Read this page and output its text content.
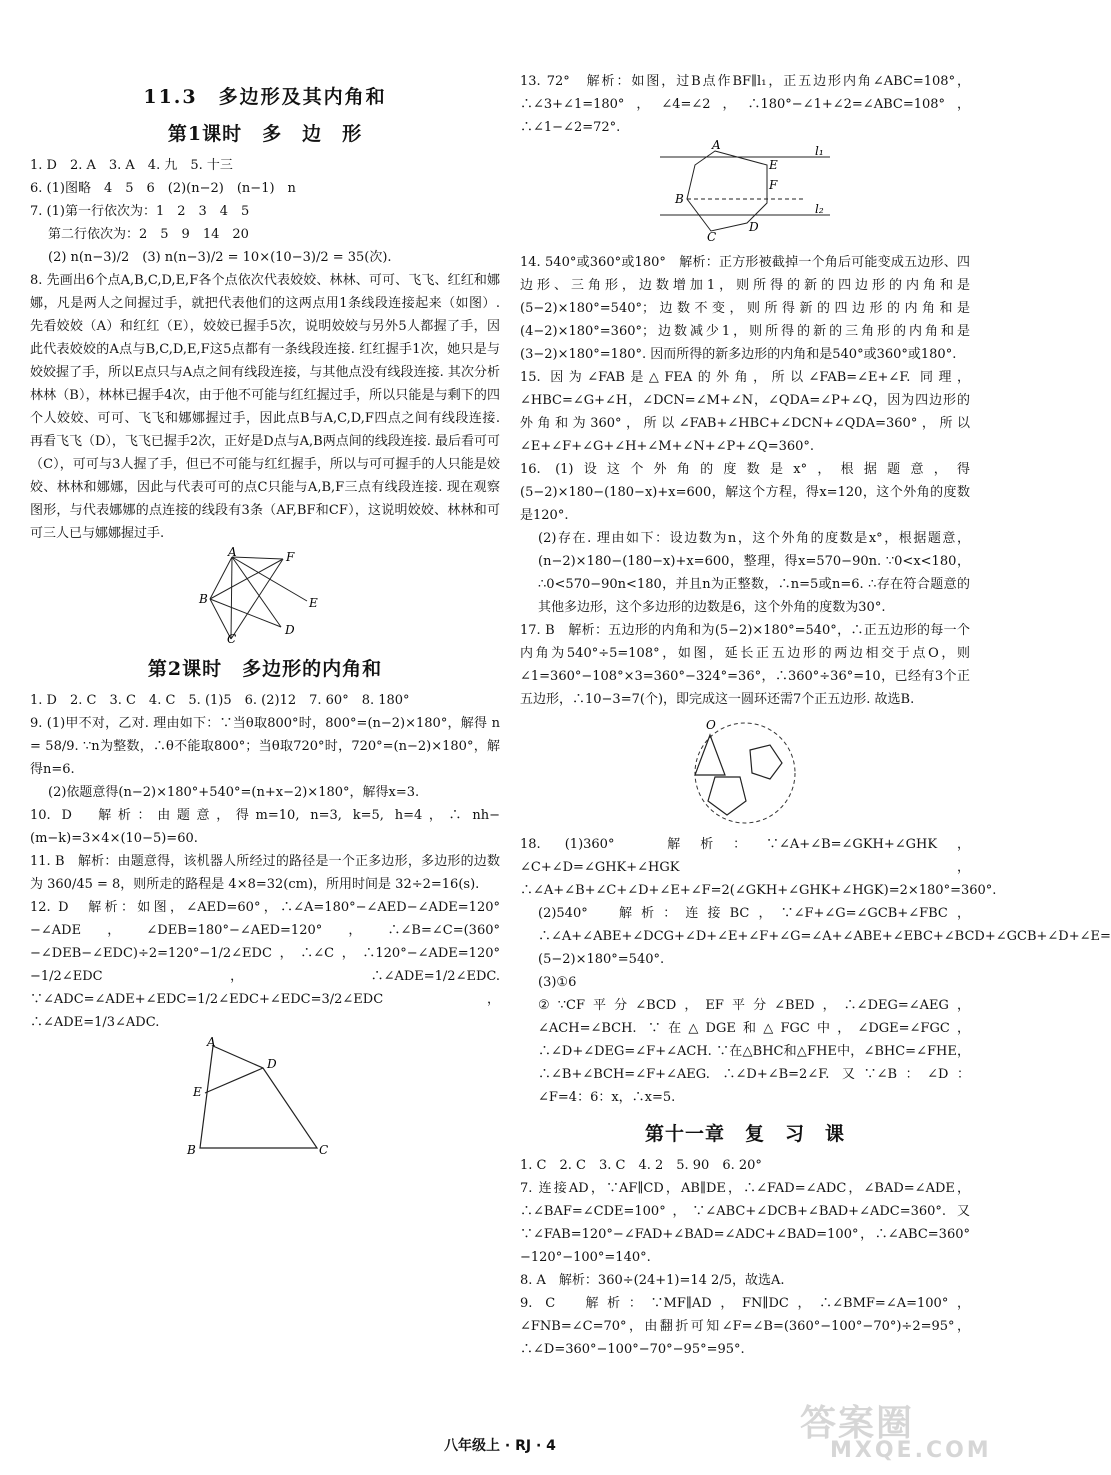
11.3　多边形及其内角和
第1课时　多　边　形

1. D　2. A　3. A　4. 九　5. 十三

6. (1)图略　4　5　6　(2)(n−2)　(n−1)　n

7. (1)第一行依次为：1　2　3　4　5

第二行依次为：2　5　9　14　20

(2) n(n−3)/2　(3) n(n−3)/2 = 10×(10−3)/2 = 35(次).

8. 先画出6个点A,B,C,D,E,F各个点依次代表姣姣、林林、可可、飞飞、红红和娜娜，凡是两人之间握过手，就把代表他们的这两点用1条线段连接起来（如图）. 先看姣姣（A）和红红（E），姣姣已握手5次，说明姣姣与另外5人都握了手，因此代表姣姣的A点与B,C,D,E,F这5点都有一条线段连接. 红红握手1次，她只是与姣姣握了手，所以E点只与A点之间有线段连接，与其他点没有线段连接. 其次分析林林（B），林林已握手4次，由于他不可能与红红握过手，所以只能是与剩下的四个人姣姣、可可、飞飞和娜娜握过手，因此点B与A,C,D,F四点之间有线段连接. 再看飞飞（D），飞飞已握手2次，正好是D点与A,B两点间的线段连接. 最后看可可（C），可可与3人握了手，但已不可能与红红握手，所以与可可握手的人只能是姣姣、林林和娜娜，因此与代表可可的点C只能与A,B,F三点有线段连接. 现在观察图形，与代表娜娜的点连接的线段有3条（AF,BF和CF），这说明姣姣、林林和可可三人已与娜娜握过手.

A
B
C
D
E
F
第2课时　多边形的内角和

1. D　2. C　3. C　4. C　5. (1)5　6. (2)12　7. 60°　8. 180°

9. (1)甲不对，乙对. 理由如下：∵当θ取800°时，800°=(n−2)×180°，解得 n = 58/9. ∵n为整数，∴θ不能取800°；当θ取720°时，720°=(n−2)×180°，解得n=6.

(2)依题意得(n−2)×180°+540°=(n+x−2)×180°，解得x=3.

10. D　解析：由题意，得m=10, n=3, k=5, h=4，∴ nh−(m−k)=3×4×(10−5)=60.

11. B　解析：由题意得，该机器人所经过的路径是一个正多边形，多边形的边数为 360/45 = 8，则所走的路程是 4×8=32(cm)，所用时间是 32÷2=16(s).

12. D　解析：如图，∠AED=60°，∴∠A=180°−∠AED−∠ADE=120°−∠ADE，∠DEB=180°−∠AED=120°，∴∠B=∠C=(360°−∠DEB−∠EDC)÷2=120°−1/2∠EDC，∴∠C，∴120°−∠ADE=120°−1/2∠EDC，∴∠ADE=1/2∠EDC. ∵∠ADC=∠ADE+∠EDC=1/2∠EDC+∠EDC=3/2∠EDC，∴∠ADE=1/3∠ADC.

A
D
E
B	C

13. 72°　解析：如图，过B点作BF∥l₁，正五边形内角∠ABC=108°，∴∠3+∠1=180°，∠4=∠2，∴180°−∠1+∠2=∠ABC=108°，∴∠1−∠2=72°.

A
E
F
D
C
B
l₁
l₂

14. 540°或360°或180°　解析：正方形被截掉一个角后可能变成五边形、四边形、三角形，边数增加1，则所得的新的四边形的内角和是(5−2)×180°=540°；边数不变，则所得新的四边形的内角和是(4−2)×180°=360°；边数减少1，则所得的新的三角形的内角和是(3−2)×180°=180°. 因而所得的新多边形的内角和是540°或360°或180°.

15. 因为∠FAB是△FEA的外角，所以∠FAB=∠E+∠F. 同理，∠HBC=∠G+∠H，∠DCN=∠M+∠N，∠QDA=∠P+∠Q，因为四边形的外角和为360°，所以∠FAB+∠HBC+∠DCN+∠QDA=360°，所以∠E+∠F+∠G+∠H+∠M+∠N+∠P+∠Q=360°.

16. (1)设这个外角的度数是x°，根据题意，得(5−2)×180−(180−x)+x=600，解这个方程，得x=120，这个外角的度数是120°.

(2)存在. 理由如下：设边数为n，这个外角的度数是x°，根据题意，(n−2)×180−(180−x)+x=600，整理，得x=570−90n. ∵0<x<180，∴0<570−90n<180，并且n为正整数，∴n=5或n=6. ∴存在符合题意的其他多边形，这个多边形的边数是6，这个外角的度数为30°.

17. B　解析：五边形的内角和为(5−2)×180°=540°，∴正五边形的每一个内角为540°÷5=108°，如图，延长正五边形的两边相交于点O，则∠1=360°−108°×3=360°−324°=36°，∴360°÷36°=10，已经有3个正五边形，∴10−3=7(个)，即完成这一圆环还需7个正五边形. 故选B.

O

18. (1)360°　解析：∵∠A+∠B=∠GKH+∠GHK，∠C+∠D=∠GHK+∠HGK，∴∠A+∠B+∠C+∠D+∠E+∠F=2(∠GKH+∠GHK+∠HGK)=2×180°=360°.

(2)540°　解析：连接BC，∵∠F+∠G=∠GCB+∠FBC，∴∠A+∠ABE+∠DCG+∠D+∠E+∠F+∠G=∠A+∠ABE+∠EBC+∠BCD+∠GCB+∠D+∠E=(5−2)×180°=540°.

(3)①6

②∵CF平分∠BCD，EF平分∠BED，∴∠DEG=∠AEG，∠ACH=∠BCH. ∵在△DGE和△FGC中，∠DGE=∠FGC，∴∠D+∠DEG=∠F+∠ACH. ∵在△BHC和△FHE中，∠BHC=∠FHE，∴∠B+∠BCH=∠F+∠AEG. ∴∠D+∠B=2∠F. 又∵∠B：∠D：∠F=4：6：x，∴x=5.

第十一章　复　习　课

1. C　2. C　3. C　4. 2　5. 90　6. 20°

7. 连接AD，∵AF∥CD，AB∥DE，∴∠FAD=∠ADC，∠BAD=∠ADE，∴∠BAF=∠CDE=100°，∵∠ABC+∠DCB+∠BAD+∠ADC=360°. 又∵∠FAB=120°−∠FAD+∠BAD=∠ADC+∠BAD=100°，∴∠ABC=360°−120°−100°=140°.

8. A　解析：360÷(24+1)=14 2/5，故选A.

9. C　解析：∵MF∥AD，FN∥DC，∴∠BMF=∠A=100°，∠FNB=∠C=70°，由翻折可知∠F=∠B=(360°−100°−70°)÷2=95°，∴∠D=360°−100°−70°−95°=95°.

八年级上 · RJ · 4
答案圈
MXQE.COM
